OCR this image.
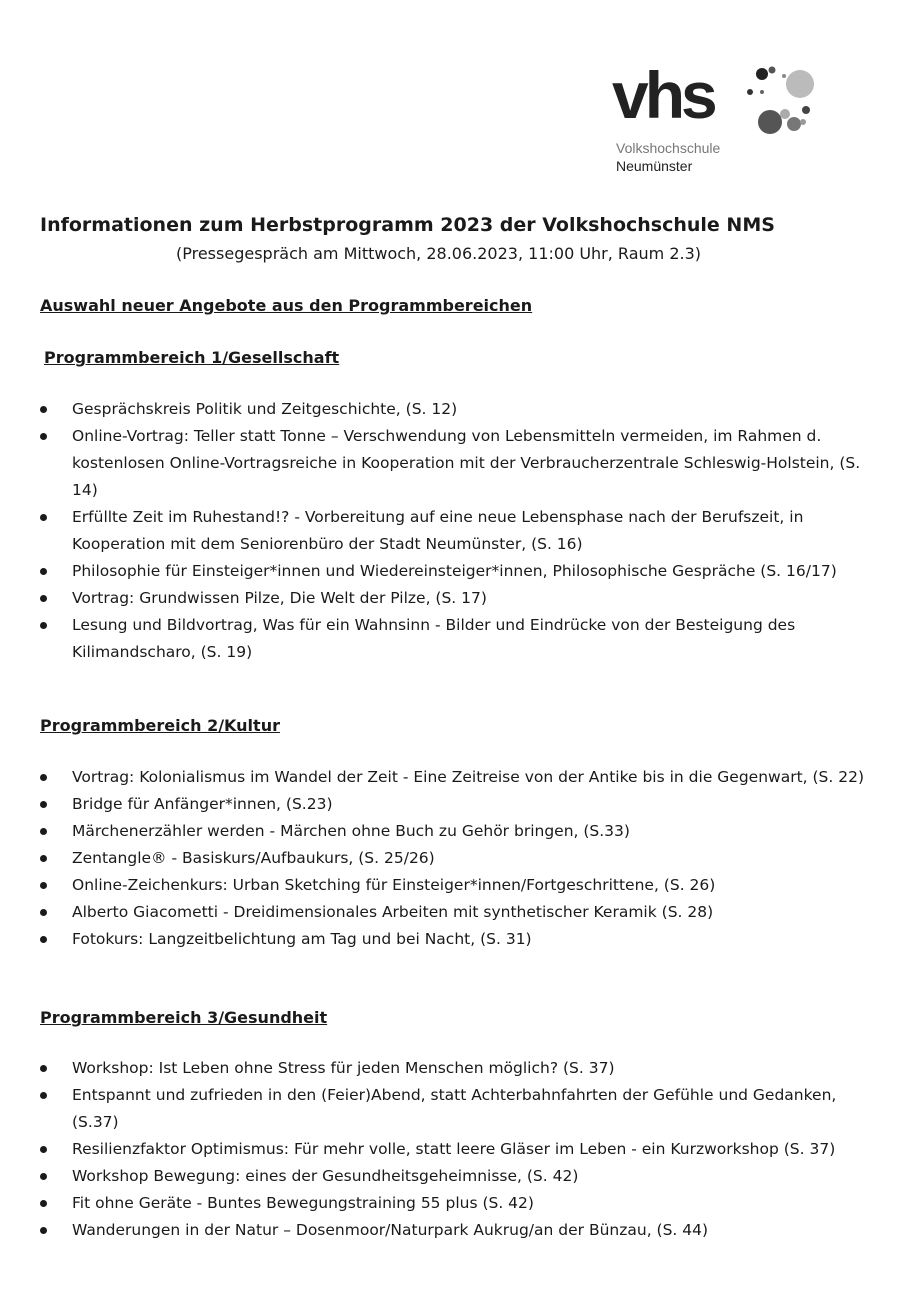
vhs
Volkshochschule
Neumünster
Informationen zum Herbstprogramm 2023 der Volkshochschule NMS

(Pressegespräch am Mittwoch, 28.06.2023, 11:00 Uhr, Raum 2.3)

Auswahl neuer Angebote aus den Programmbereichen
Programmbereich 1/Gesellschaft
Gesprächskreis Politik und Zeitgeschichte, (S. 12)
Online-Vortrag: Teller statt Tonne – Verschwendung von Lebensmitteln vermeiden, im Rahmen d. kostenlosen Online-Vortragsreiche in Kooperation mit der Verbraucherzentrale Schleswig-Holstein, (S. 14)
Erfüllte Zeit im Ruhestand!? - Vorbereitung auf eine neue Lebensphase nach der Berufszeit, in Kooperation mit dem Seniorenbüro der Stadt Neumünster, (S. 16)
Philosophie für Einsteiger*innen und Wiedereinsteiger*innen, Philosophische Gespräche (S. 16/17)
Vortrag: Grundwissen Pilze, Die Welt der Pilze, (S. 17)
Lesung und Bildvortrag, Was für ein Wahnsinn - Bilder und Eindrücke von der Besteigung des Kilimandscharo, (S. 19)
Programmbereich 2/Kultur
Vortrag: Kolonialismus im Wandel der Zeit - Eine Zeitreise von der Antike bis in die Gegenwart, (S. 22)
Bridge für Anfänger*innen, (S.23)
Märchenerzähler werden - Märchen ohne Buch zu Gehör bringen, (S.33)
Zentangle® - Basiskurs/Aufbaukurs, (S. 25/26)
Online-Zeichenkurs: Urban Sketching für Einsteiger*innen/Fortgeschrittene, (S. 26)
Alberto Giacometti - Dreidimensionales Arbeiten mit synthetischer Keramik (S. 28)
Fotokurs: Langzeitbelichtung am Tag und bei Nacht, (S. 31)
Programmbereich 3/Gesundheit
Workshop: Ist Leben ohne Stress für jeden Menschen möglich? (S. 37)
Entspannt und zufrieden in den (Feier)Abend, statt Achterbahnfahrten der Gefühle und Gedanken, (S.37)
Resilienzfaktor Optimismus: Für mehr volle, statt leere Gläser im Leben - ein Kurzworkshop (S. 37)
Workshop Bewegung: eines der Gesundheitsgeheimnisse, (S. 42)
Fit ohne Geräte - Buntes Bewegungstraining 55 plus (S. 42)
Wanderungen in der Natur – Dosenmoor/Naturpark Aukrug/an der Bünzau, (S. 44)
